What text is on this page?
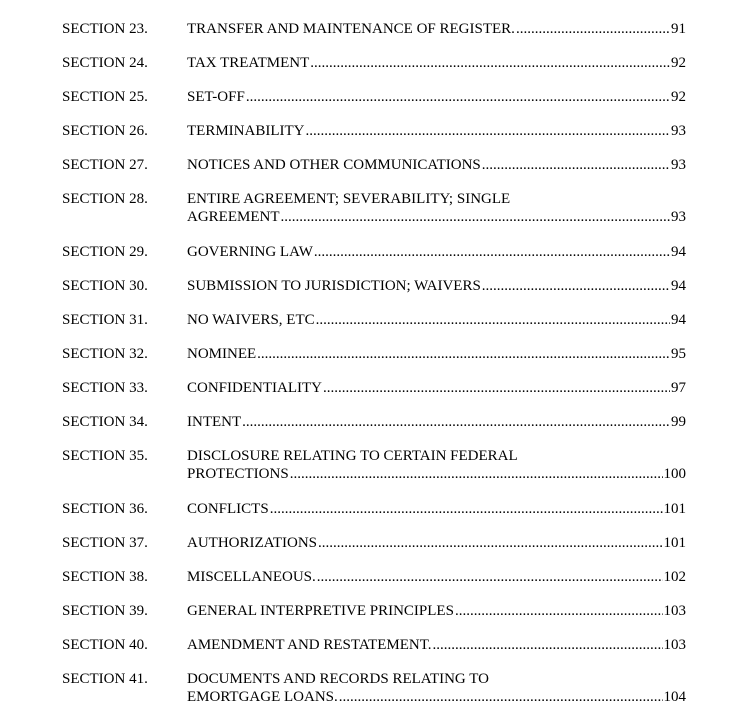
SECTION 23.	TRANSFER AND MAINTENANCE OF REGISTER. .....	91
SECTION 24.	TAX TREATMENT .....	92
SECTION 25.	SET-OFF .....	92
SECTION 26.	TERMINABILITY .....	93
SECTION 27.	NOTICES AND OTHER COMMUNICATIONS .....	93
SECTION 28.	ENTIRE AGREEMENT; SEVERABILITY; SINGLE
AGREEMENT .....	93
SECTION 29.	GOVERNING LAW .....	94
SECTION 30.	SUBMISSION TO JURISDICTION; WAIVERS .....	94
SECTION 31.	NO WAIVERS, ETC .....	94
SECTION 32.	NOMINEE .....	95
SECTION 33.	CONFIDENTIALITY .....	97
SECTION 34.	INTENT .....	99
SECTION 35.	DISCLOSURE RELATING TO CERTAIN FEDERAL
PROTECTIONS .....	100
SECTION 36.	CONFLICTS .....	101
SECTION 37.	AUTHORIZATIONS .....	101
SECTION 38.	MISCELLANEOUS. .....	102
SECTION 39.	GENERAL INTERPRETIVE PRINCIPLES .....	103
SECTION 40.	AMENDMENT AND RESTATEMENT. .....	103
SECTION 41.	DOCUMENTS AND RECORDS RELATING TO
EMORTGAGE LOANS. .....	104
